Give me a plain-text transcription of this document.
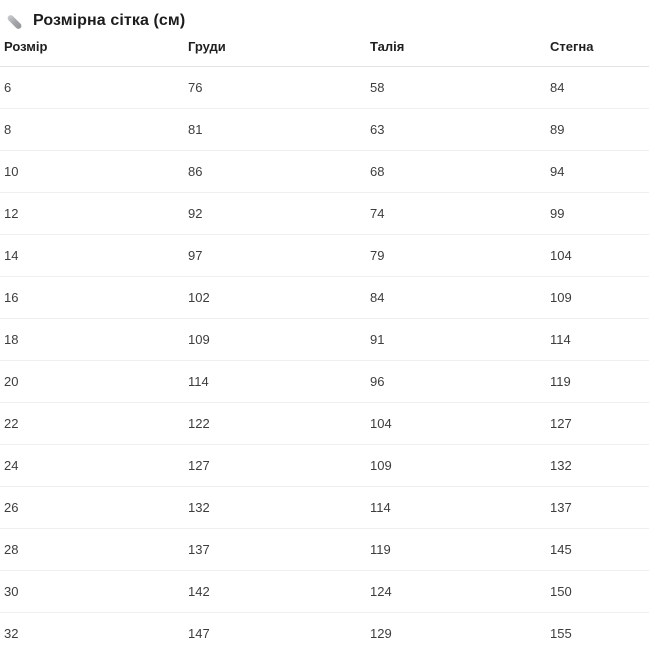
Розмірна сітка (см)
Розмір	Груди	Талія	Стегна
6	76	58	84
8	81	63	89
10	86	68	94
12	92	74	99
14	97	79	104
16	102	84	109
18	109	91	114
20	114	96	119
22	122	104	127
24	127	109	132
26	132	114	137
28	137	119	145
30	142	124	150
32	147	129	155
